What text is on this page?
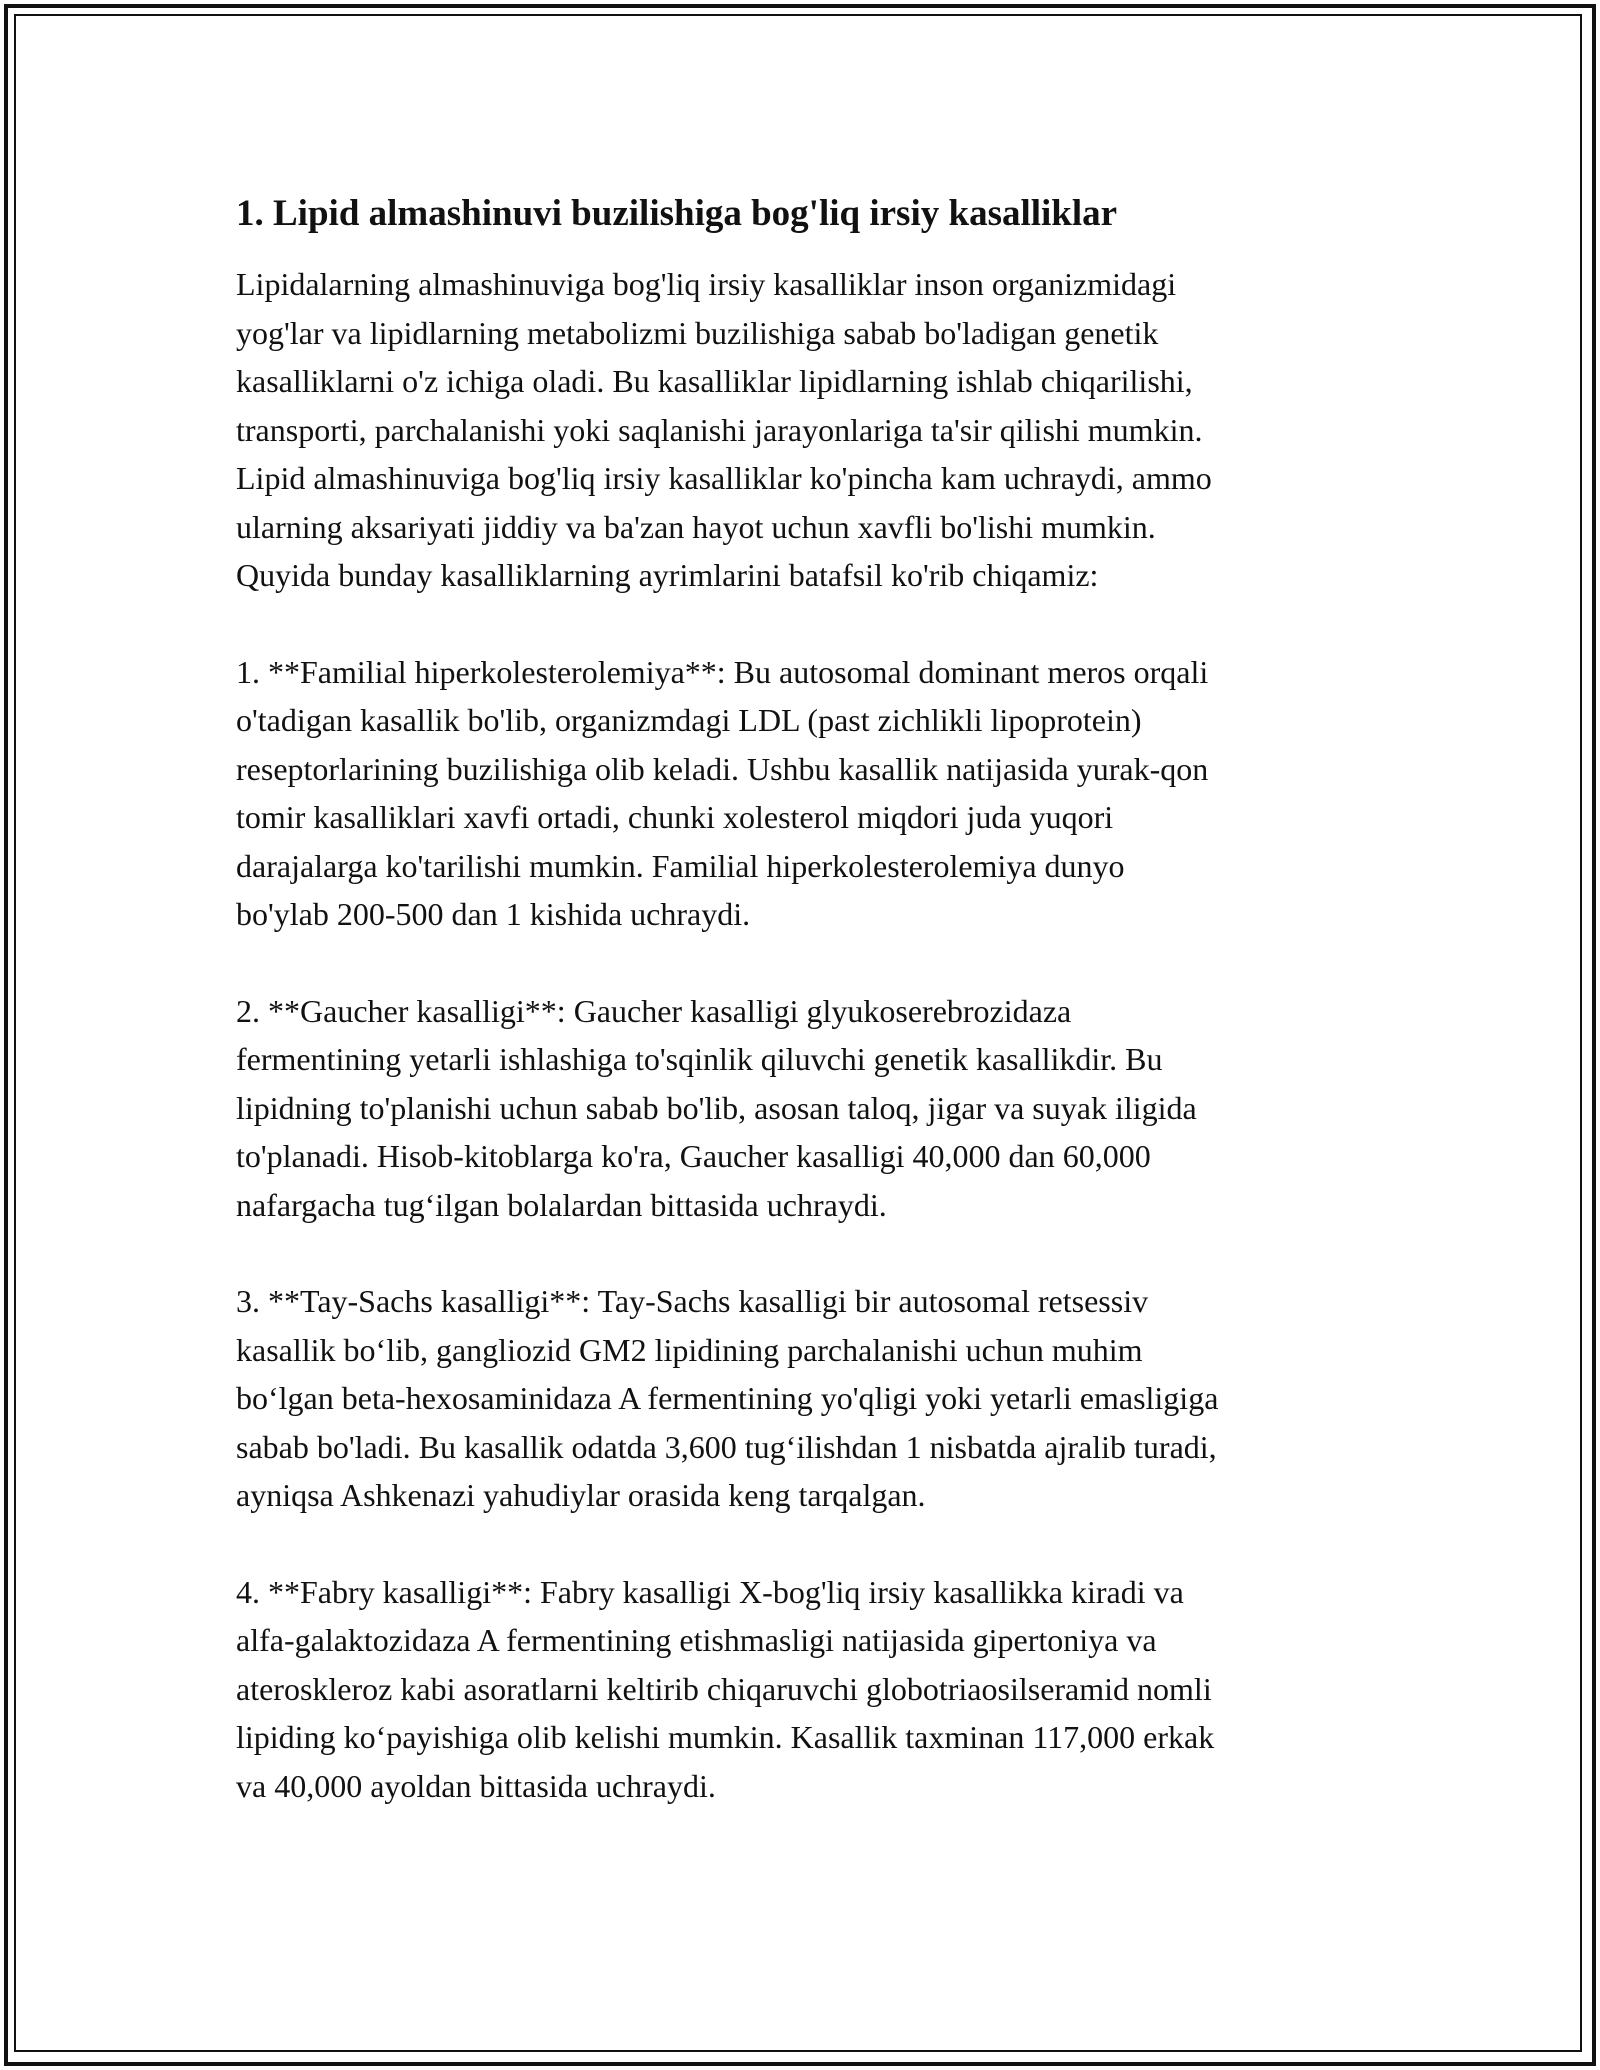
1. Lipid almashinuvi buzilishiga bog'liq irsiy kasalliklar

Lipidalarning almashinuviga bog'liq irsiy kasalliklar inson organizmidagi
yog'lar va lipidlarning metabolizmi buzilishiga sabab bo'ladigan genetik
kasalliklarni o'z ichiga oladi. Bu kasalliklar lipidlarning ishlab chiqarilishi,
transporti, parchalanishi yoki saqlanishi jarayonlariga ta'sir qilishi mumkin.
Lipid almashinuviga bog'liq irsiy kasalliklar ko'pincha kam uchraydi, ammo
ularning aksariyati jiddiy va ba'zan hayot uchun xavfli bo'lishi mumkin.
Quyida bunday kasalliklarning ayrimlarini batafsil ko'rib chiqamiz:

1. **Familial hiperkolesterolemiya**: Bu autosomal dominant meros orqali
o'tadigan kasallik bo'lib, organizmdagi LDL (past zichlikli lipoprotein)
reseptorlarining buzilishiga olib keladi. Ushbu kasallik natijasida yurak-qon
tomir kasalliklari xavfi ortadi, chunki xolesterol miqdori juda yuqori
darajalarga ko'tarilishi mumkin. Familial hiperkolesterolemiya dunyo
bo'ylab 200-500 dan 1 kishida uchraydi.

2. **Gaucher kasalligi**: Gaucher kasalligi glyukoserebrozidaza
fermentining yetarli ishlashiga to'sqinlik qiluvchi genetik kasallikdir. Bu
lipidning to'planishi uchun sabab bo'lib, asosan taloq, jigar va suyak iligida
to'planadi. Hisob-kitoblarga ko'ra, Gaucher kasalligi 40,000 dan 60,000
nafargacha tug‘ilgan bolalardan bittasida uchraydi.

3. **Tay-Sachs kasalligi**: Tay-Sachs kasalligi bir autosomal retsessiv
kasallik bo‘lib, gangliozid GM2 lipidining parchalanishi uchun muhim
bo‘lgan beta-hexosaminidaza A fermentining yo'qligi yoki yetarli emasligiga
sabab bo'ladi. Bu kasallik odatda 3,600 tug‘ilishdan 1 nisbatda ajralib turadi,
ayniqsa Ashkenazi yahudiylar orasida keng tarqalgan.

4. **Fabry kasalligi**: Fabry kasalligi X-bog'liq irsiy kasallikka kiradi va
alfa-galaktozidaza A fermentining etishmasligi natijasida gipertoniya va
ateroskleroz kabi asoratlarni keltirib chiqaruvchi globotriaosilseramid nomli
lipiding ko‘payishiga olib kelishi mumkin. Kasallik taxminan 117,000 erkak
va 40,000 ayoldan bittasida uchraydi.
